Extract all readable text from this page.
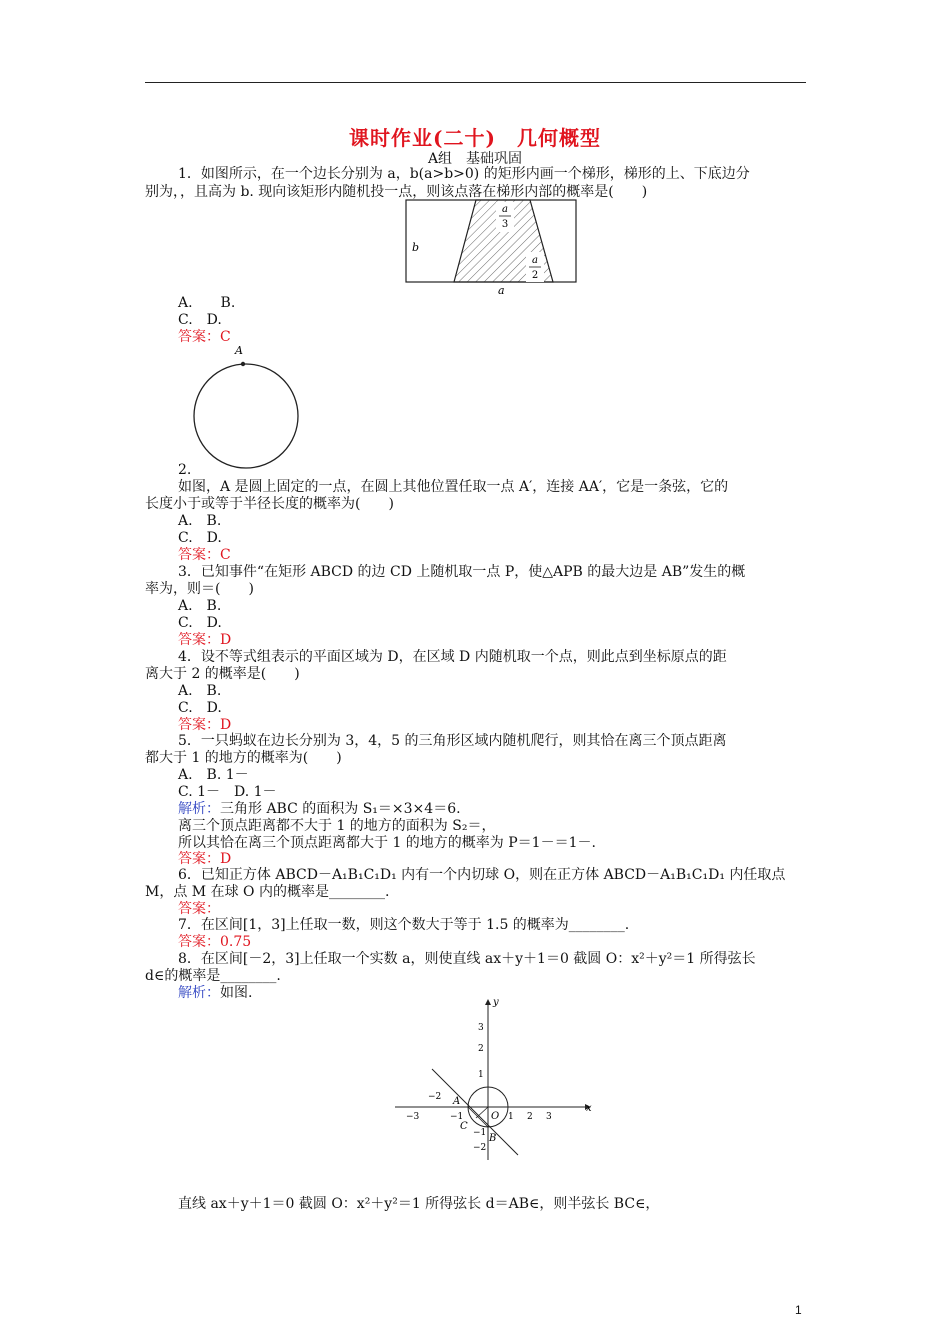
课时作业(二十)　几何概型
A组　基础巩固
1．如图所示，在一个边长分别为 a，b(a>b>0) 的矩形内画一个梯形，梯形的上、下底边分
别为，，且高为 b. 现向该矩形内随机投一点，则该点落在梯形内部的概率是(　　)
b
a
a
3
a
2
A.　　B.
C.　D.
答案：C
A
2.
如图，A 是圆上固定的一点，在圆上其他位置任取一点 A′，连接 AA′，它是一条弦，它的
长度小于或等于半径长度的概率为(　　)
A.　B.
C.　D.
答案：C
3．已知事件“在矩形 ABCD 的边 CD 上随机取一点 P，使△APB 的最大边是 AB”发生的概
率为，则＝(　　)
A.　B.
C.　D.
答案：D
4．设不等式组表示的平面区域为 D，在区域 D 内随机取一个点，则此点到坐标原点的距
离大于 2 的概率是(　　)
A.　B.
C.　D.
答案：D
5．一只蚂蚁在边长分别为 3，4，5 的三角形区域内随机爬行，则其恰在离三个顶点距离
都大于 1 的地方的概率为(　　)
A.　B. 1－
C. 1－　D. 1－
解析：三角形 ABC 的面积为 S₁＝×3×4＝6.
离三个顶点距离都不大于 1 的地方的面积为 S₂＝，
所以其恰在离三个顶点距离都大于 1 的地方的概率为 P＝1－＝1－.
答案：D
6．已知正方体 ABCD－A₁B₁C₁D₁ 内有一个内切球 O，则在正方体 ABCD－A₁B₁C₁D₁ 内任取点
M，点 M 在球 O 内的概率是________.
答案：
7．在区间[1，3]上任取一数，则这个数大于等于 1.5 的概率为________.
答案：0.75
8．在区间[－2，3]上任取一个实数 a，则使直线 ax＋y＋1＝0 截圆 O：x²＋y²＝1 所得弦长
d∈的概率是________.
解析：如图.
x
y
O
A
B
C
−3
−2
−1	1 2 3
3
2
1
−1
−2
直线 ax＋y＋1＝0 截圆 O：x²＋y²＝1 所得弦长 d＝AB∈，则半弦长 BC∈，
1
